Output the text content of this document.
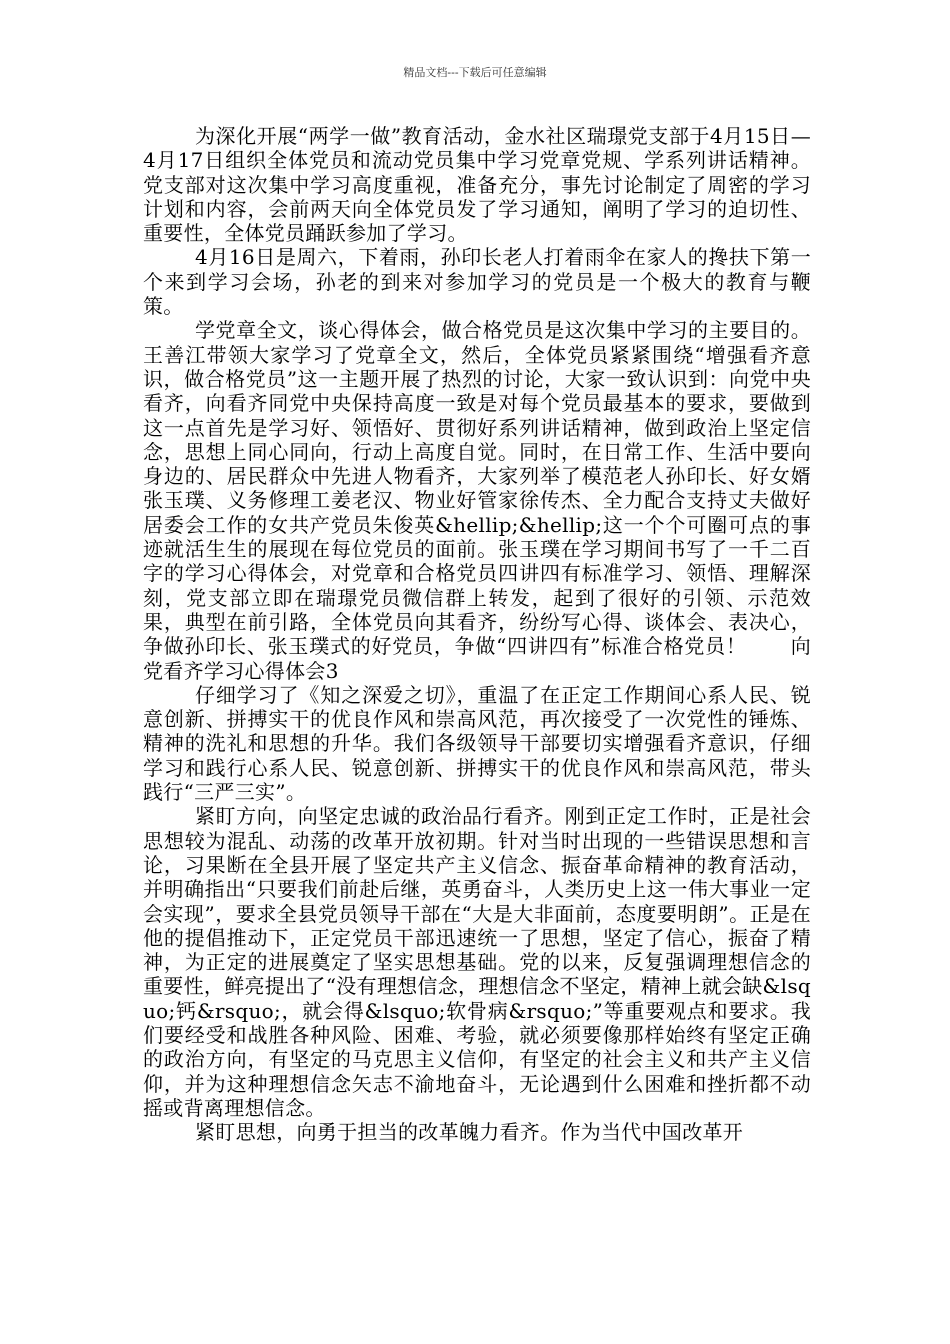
精品文档---下载后可任意编辑

为深化开展“两学一做”教育活动，金水社区瑞璟党支部于4月15日—4月17日组织全体党员和流动党员集中学习党章党规、学系列讲话精神。党支部对这次集中学习高度重视，准备充分，事先讨论制定了周密的学习计划和内容，会前两天向全体党员发了学习通知，阐明了学习的迫切性、重要性，全体党员踊跃参加了学习。

4月16日是周六，下着雨，孙印长老人打着雨伞在家人的搀扶下第一个来到学习会场，孙老的到来对参加学习的党员是一个极大的教育与鞭策。

学党章全文，谈心得体会，做合格党员是这次集中学习的主要目的。王善江带领大家学习了党章全文，然后，全体党员紧紧围绕“增强看齐意识，做合格党员”这一主题开展了热烈的讨论，大家一致认识到：向党中央看齐，向看齐同党中央保持高度一致是对每个党员最基本的要求，要做到这一点首先是学习好、领悟好、贯彻好系列讲话精神，做到政治上坚定信念，思想上同心同向，行动上高度自觉。同时，在日常工作、生活中要向身边的、居民群众中先进人物看齐，大家列举了模范老人孙印长、好女婿张玉璞、义务修理工姜老汉、物业好管家徐传杰、全力配合支持丈夫做好居委会工作的女共产党员朱俊英&hellip;&hellip;这一个个可圈可点的事迹就活生生的展现在每位党员的面前。张玉璞在学习期间书写了一千二百字的学习心得体会，对党章和合格党员四讲四有标准学习、领悟、理解深刻，党支部立即在瑞璟党员微信群上转发，起到了很好的引领、示范效果，典型在前引路，全体党员向其看齐，纷纷写心得、谈体会、表决心，争做孙印长、张玉璞式的好党员，争做“四讲四有”标准合格党员！ 向党看齐学习心得体会3

仔细学习了《知之深爱之切》，重温了在正定工作期间心系人民、锐意创新、拼搏实干的优良作风和崇高风范，再次接受了一次党性的锤炼、精神的洗礼和思想的升华。我们各级领导干部要切实增强看齐意识，仔细学习和践行心系人民、锐意创新、拼搏实干的优良作风和崇高风范，带头践行“三严三实”。

紧盯方向，向坚定忠诚的政治品行看齐。刚到正定工作时，正是社会思想较为混乱、动荡的改革开放初期。针对当时出现的一些错误思想和言论，习果断在全县开展了坚定共产主义信念、振奋革命精神的教育活动，并明确指出“只要我们前赴后继，英勇奋斗，人类历史上这一伟大事业一定会实现”，要求全县党员领导干部在“大是大非面前，态度要明朗”。正是在他的提倡推动下，正定党员干部迅速统一了思想，坚定了信心，振奋了精神，为正定的进展奠定了坚实思想基础。党的以来，反复强调理想信念的重要性，鲜亮提出了“没有理想信念，理想信念不坚定，精神上就会缺&lsquo;钙&rsquo;，就会得&lsquo;软骨病&rsquo;”等重要观点和要求。我们要经受和战胜各种风险、困难、考验，就必须要像那样始终有坚定正确的政治方向，有坚定的马克思主义信仰，有坚定的社会主义和共产主义信仰，并为这种理想信念矢志不渝地奋斗，无论遇到什么困难和挫折都不动摇或背离理想信念。

紧盯思想，向勇于担当的改革魄力看齐。作为当代中国改革开
